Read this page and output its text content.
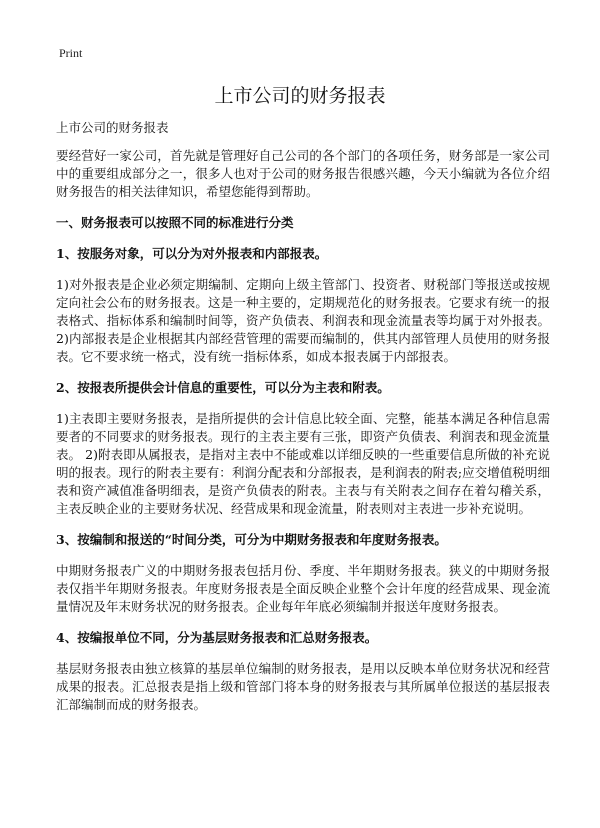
Print
上市公司的财务报表
上市公司的财务报表

要经营好一家公司，首先就是管理好自己公司的各个部门的各项任务，财务部是一家公司中的重要组成部分之一，很多人也对于公司的财务报告很感兴趣，今天小编就为各位介绍财务报告的相关法律知识，希望您能得到帮助。

一、财务报表可以按照不同的标准进行分类
1、按服务对象，可以分为对外报表和内部报表。

1)对外报表是企业必须定期编制、定期向上级主管部门、投资者、财税部门等报送或按规定向社会公布的财务报表。这是一种主要的，定期规范化的财务报表。它要求有统一的报表格式、指标体系和编制时间等，资产负债表、利润表和现金流量表等均属于对外报表。 2)内部报表是企业根据其内部经营管理的需要而编制的，供其内部管理人员使用的财务报表。它不要求统一格式，没有统一指标体系，如成本报表属于内部报表。

2、按报表所提供会计信息的重要性，可以分为主表和附表。

1)主表即主要财务报表，是指所提供的会计信息比较全面、完整，能基本满足各种信息需要者的不同要求的财务报表。现行的主表主要有三张，即资产负债表、利润表和现金流量表。 2)附表即从属报表，是指对主表中不能或难以详细反映的一些重要信息所做的补充说明的报表。现行的附表主要有：利润分配表和分部报表，是利润表的附表;应交增值税明细表和资产减值准备明细表，是资产负债表的附表。主表与有关附表之间存在着勾稽关系，主表反映企业的主要财务状况、经营成果和现金流量，附表则对主表进一步补充说明。

3、按编制和报送的“时间分类，可分为中期财务报表和年度财务报表。

中期财务报表广义的中期财务报表包括月份、季度、半年期财务报表。狭义的中期财务报表仅指半年期财务报表。年度财务报表是全面反映企业整个会计年度的经营成果、现金流量情况及年末财务状况的财务报表。企业每年年底必须编制并报送年度财务报表。

4、按编报单位不同，分为基层财务报表和汇总财务报表。

基层财务报表由独立核算的基层单位编制的财务报表，是用以反映本单位财务状况和经营成果的报表。汇总报表是指上级和管部门将本身的财务报表与其所属单位报送的基层报表汇部编制而成的财务报表。
